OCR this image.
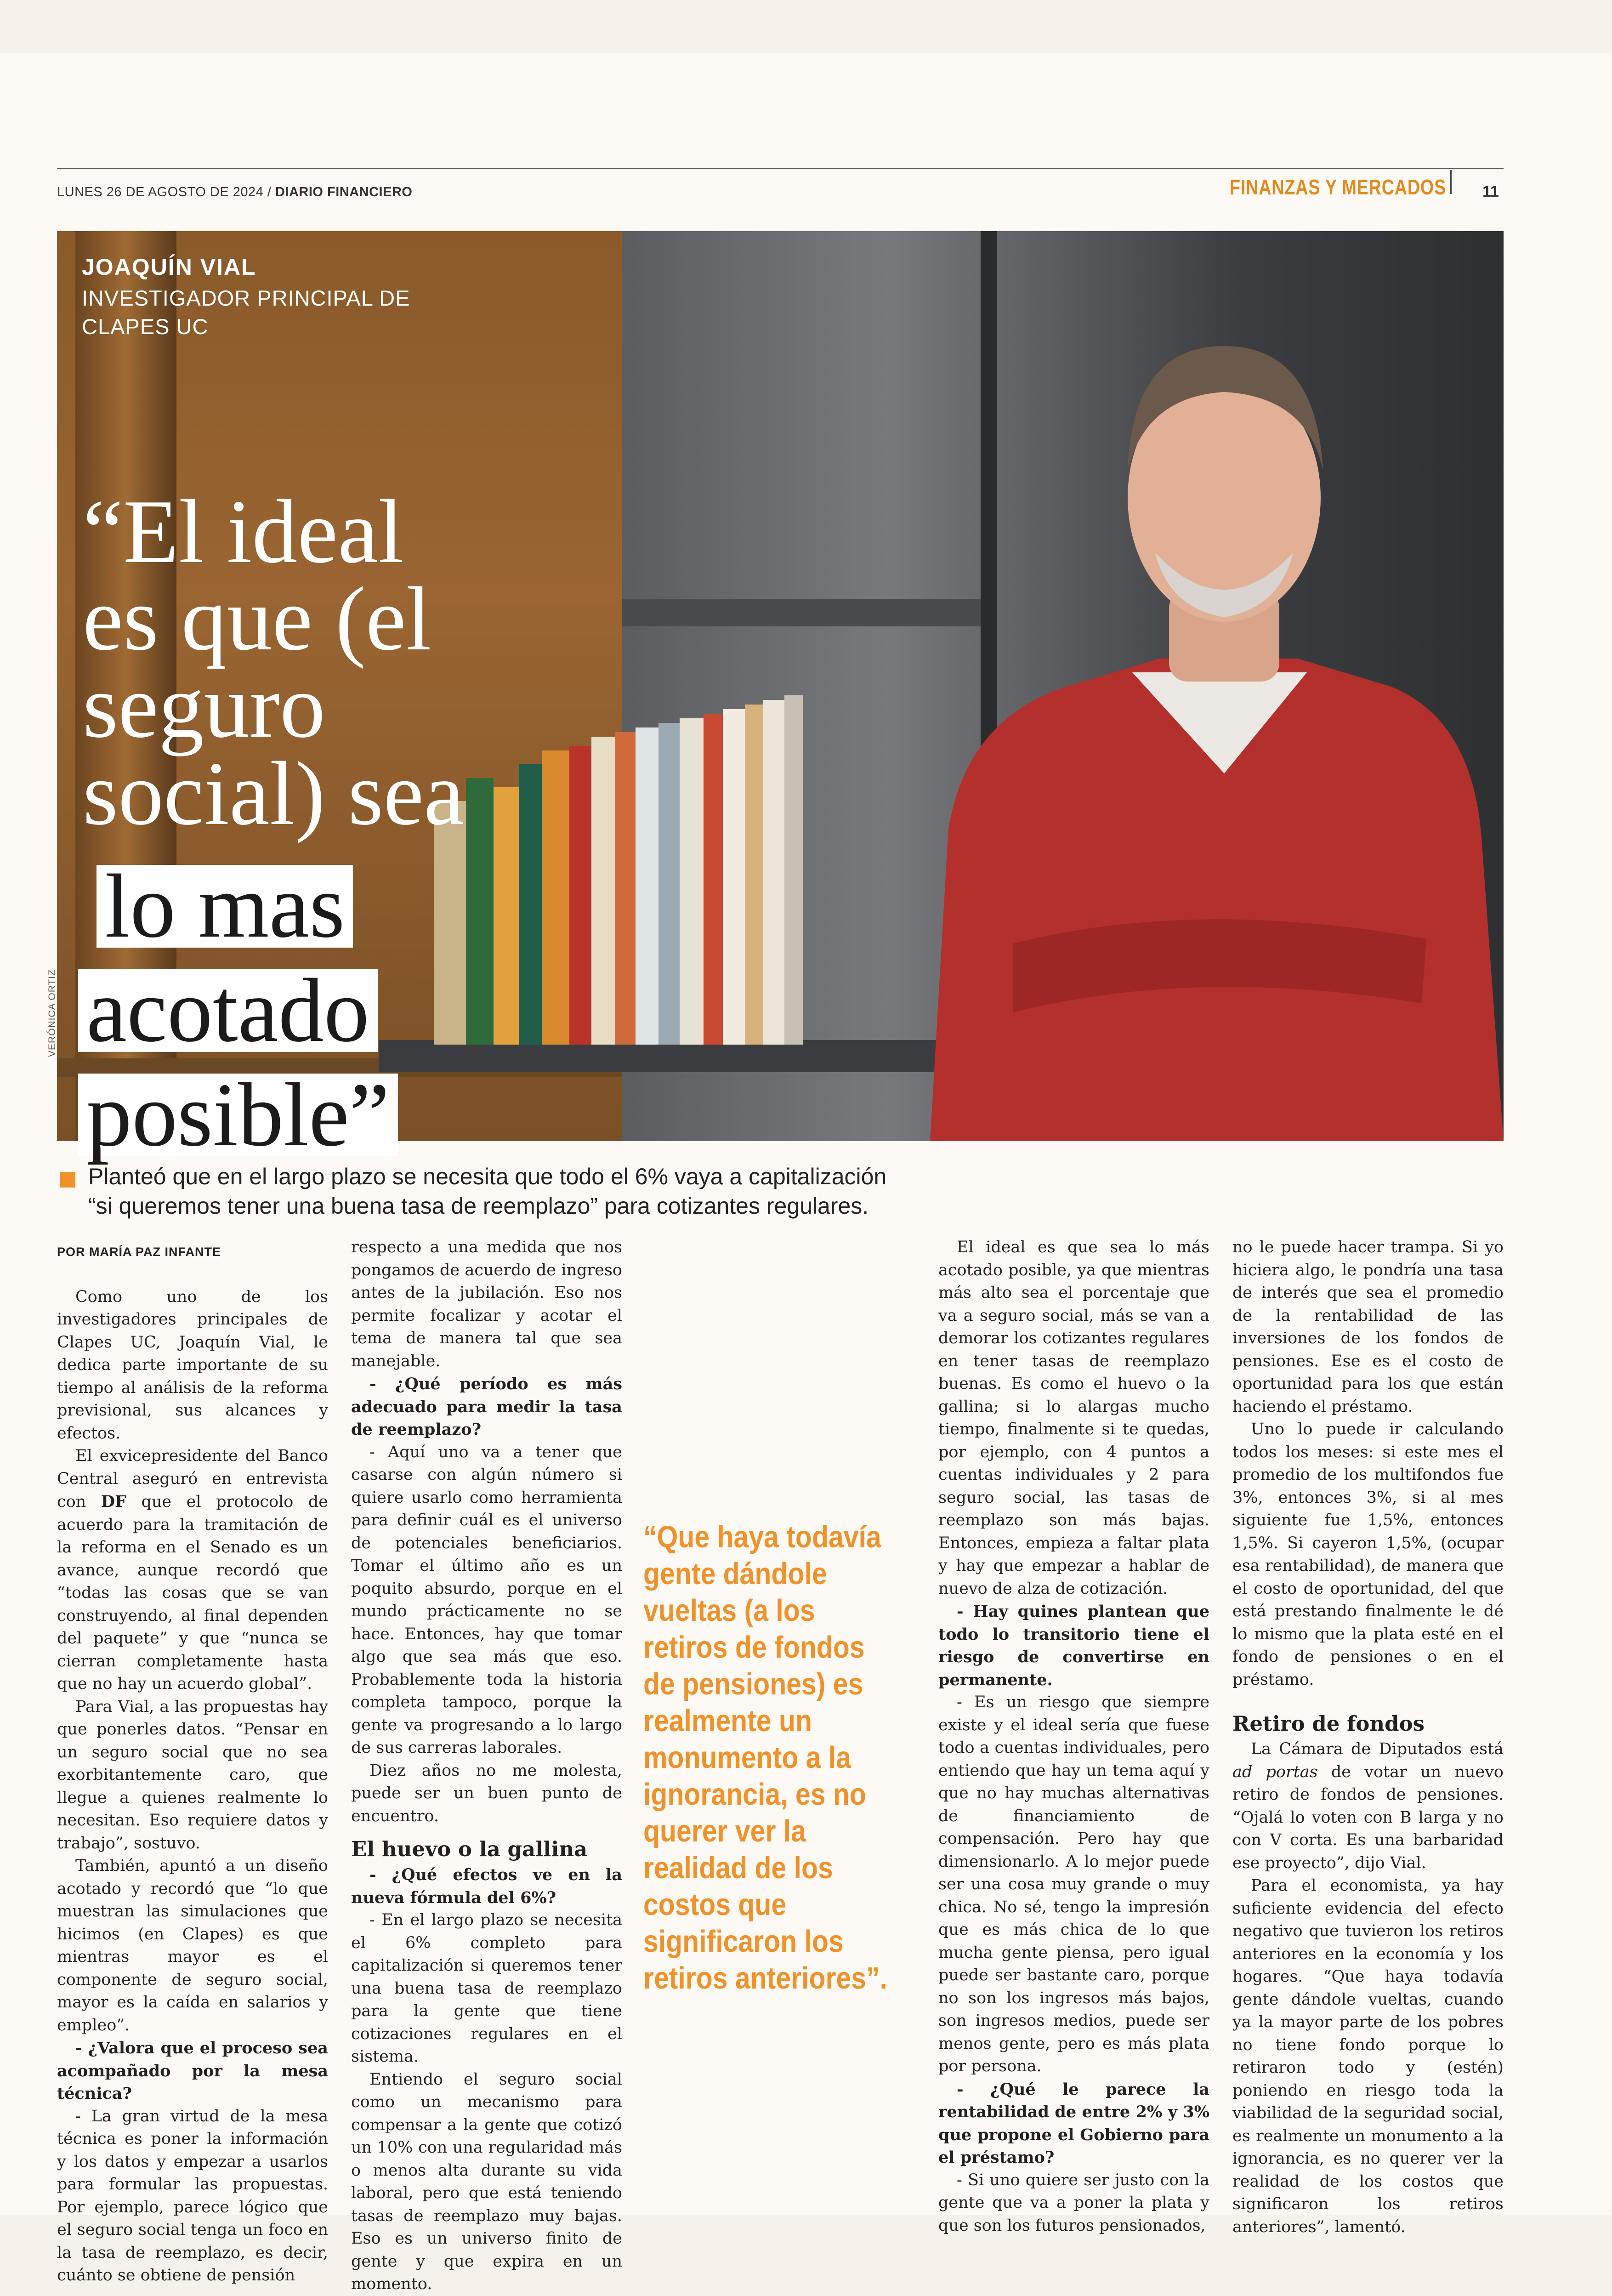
LUNES 26 DE AGOSTO DE 2024 / DIARIO FINANCIERO	FINANZAS Y MERCADOS 11
JOAQUÍN VIAL
INVESTIGADOR PRINCIPAL DE CLAPES UC
VERÓNICA ORTIZ
“El ideal
es que (el
seguro
social) sea
lo mas
acotado
posible”
Planteó que en el largo plazo se necesita que todo el 6% vaya a capitalización
“si queremos tener una buena tasa de reemplazo” para cotizantes regulares.

POR MARÍA PAZ INFANTE

Como uno de los investigadores principales de Clapes UC, Joaquín Vial, le dedica parte importante de su tiempo al análisis de la reforma previsional, sus alcances y efectos.

El exvicepresidente del Banco Central aseguró en entrevista con DF que el protocolo de acuerdo para la tramitación de la reforma en el Senado es un avance, aunque recordó que “todas las cosas que se van construyendo, al final dependen del paquete” y que “nunca se cierran completamente hasta que no hay un acuerdo global”.

Para Vial, a las propuestas hay que ponerles datos. “Pensar en un seguro social que no sea exorbitantemente caro, que llegue a quienes realmente lo necesitan. Eso requiere datos y trabajo”, sostuvo.

También, apuntó a un diseño acotado y recordó que “lo que muestran las simulaciones que hicimos (en Clapes) es que mientras mayor es el componente de seguro social, mayor es la caída en salarios y empleo”.

- ¿Valora que el proceso sea acompañado por la mesa técnica?

- La gran virtud de la mesa técnica es poner la información y los datos y empezar a usarlos para formular las propuestas. Por ejemplo, parece lógico que el seguro social tenga un foco en la tasa de reemplazo, es decir, cuánto se obtiene de pensión

respecto a una medida que nos pongamos de acuerdo de ingreso antes de la jubilación. Eso nos permite focalizar y acotar el tema de manera tal que sea manejable.

- ¿Qué período es más adecuado para medir la tasa de reemplazo?

- Aquí uno va a tener que casarse con algún número si quiere usarlo como herramienta para definir cuál es el universo de potenciales beneficiarios. Tomar el último año es un poquito absurdo, porque en el mundo prácticamente no se hace. Entonces, hay que tomar algo que sea más que eso. Probablemente toda la historia completa tampoco, porque la gente va progresando a lo largo de sus carreras laborales.

Diez años no me molesta, puede ser un buen punto de encuentro.

El huevo o la gallina

- ¿Qué efectos ve en la nueva fórmula del 6%?

- En el largo plazo se necesita el 6% completo para capitalización si queremos tener una buena tasa de reemplazo para la gente que tiene cotizaciones regulares en el sistema.

Entiendo el seguro social como un mecanismo para compensar a la gente que cotizó un 10% con una regularidad más o menos alta durante su vida laboral, pero que está teniendo tasas de reemplazo muy bajas. Eso es un universo finito de gente y que expira en un momento.

“Que haya todavía gente dándole vueltas (a los retiros de fondos de pensiones) es realmente un monumento a la ignorancia, es no querer ver la realidad de los costos que significaron los retiros anteriores”.

El ideal es que sea lo más acotado posible, ya que mientras más alto sea el porcentaje que va a seguro social, más se van a demorar los cotizantes regulares en tener tasas de reemplazo buenas. Es como el huevo o la gallina; si lo alargas mucho tiempo, finalmente si te quedas, por ejemplo, con 4 puntos a cuentas individuales y 2 para seguro social, las tasas de reemplazo son más bajas. Entonces, empieza a faltar plata y hay que empezar a hablar de nuevo de alza de cotización.

- Hay quines plantean que todo lo transitorio tiene el riesgo de convertirse en permanente.

- Es un riesgo que siempre existe y el ideal sería que fuese todo a cuentas individuales, pero entiendo que hay un tema aquí y que no hay muchas alternativas de financiamiento de compensación. Pero hay que dimensionarlo. A lo mejor puede ser una cosa muy grande o muy chica. No sé, tengo la impresión que es más chica de lo que mucha gente piensa, pero igual puede ser bastante caro, porque no son los ingresos más bajos, son ingresos medios, puede ser menos gente, pero es más plata por persona.

- ¿Qué le parece la rentabilidad de entre 2% y 3% que propone el Gobierno para el préstamo?

- Si uno quiere ser justo con la gente que va a poner la plata y que son los futuros pensionados,

no le puede hacer trampa. Si yo hiciera algo, le pondría una tasa de interés que sea el promedio de la rentabilidad de las inversiones de los fondos de pensiones. Ese es el costo de oportunidad para los que están haciendo el préstamo.

Uno lo puede ir calculando todos los meses: si este mes el promedio de los multifondos fue 3%, entonces 3%, si al mes siguiente fue 1,5%, entonces 1,5%. Si cayeron 1,5%, (ocupar esa rentabilidad), de manera que el costo de oportunidad, del que está prestando finalmente le dé lo mismo que la plata esté en el fondo de pensiones o en el préstamo.

Retiro de fondos

La Cámara de Diputados está ad portas de votar un nuevo retiro de fondos de pensiones. “Ojalá lo voten con B larga y no con V corta. Es una barbaridad ese proyecto”, dijo Vial.

Para el economista, ya hay suficiente evidencia del efecto negativo que tuvieron los retiros anteriores en la economía y los hogares. “Que haya todavía gente dándole vueltas, cuando ya la mayor parte de los pobres no tiene fondo porque lo retiraron todo y (estén) poniendo en riesgo toda la viabilidad de la seguridad social, es realmente un monumento a la ignorancia, es no querer ver la realidad de los costos que significaron los retiros anteriores”, lamentó.
